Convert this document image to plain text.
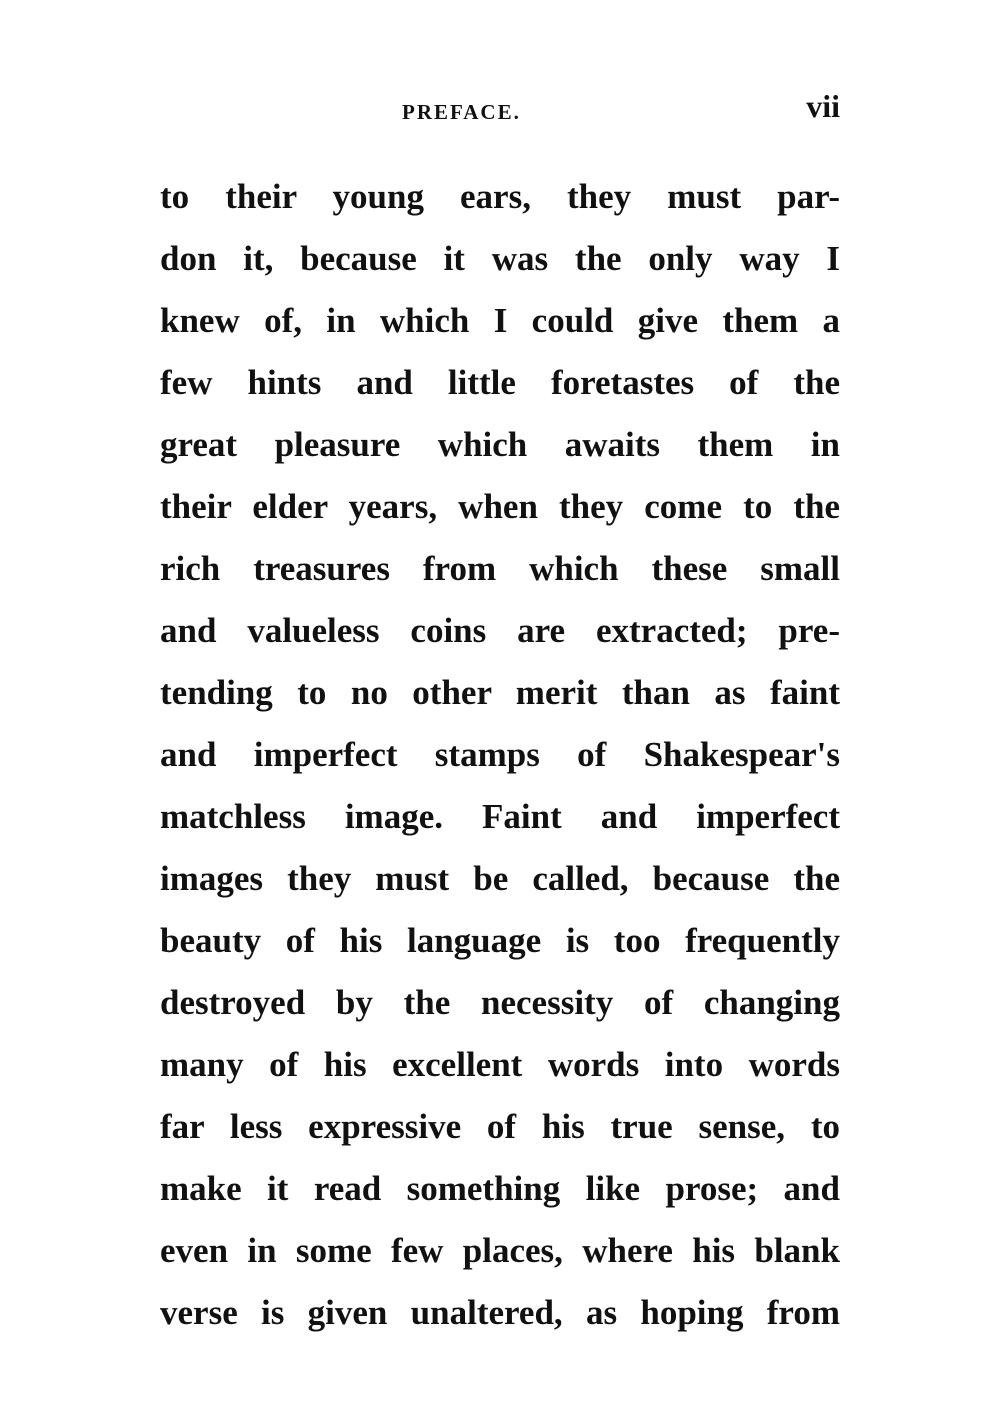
PREFACE.	vii
to their young ears, they must par-
don it, because it was the only way I
knew of, in which I could give them a
few hints and little foretastes of the
great pleasure which awaits them in
their elder years, when they come to the
rich treasures from which these small
and valueless coins are extracted; pre-
tending to no other merit than as faint
and imperfect stamps of Shakespear's
matchless image. Faint and imperfect
images they must be called, because the
beauty of his language is too frequently
destroyed by the necessity of changing
many of his excellent words into words
far less expressive of his true sense, to
make it read something like prose; and
even in some few places, where his blank
verse is given unaltered, as hoping from
